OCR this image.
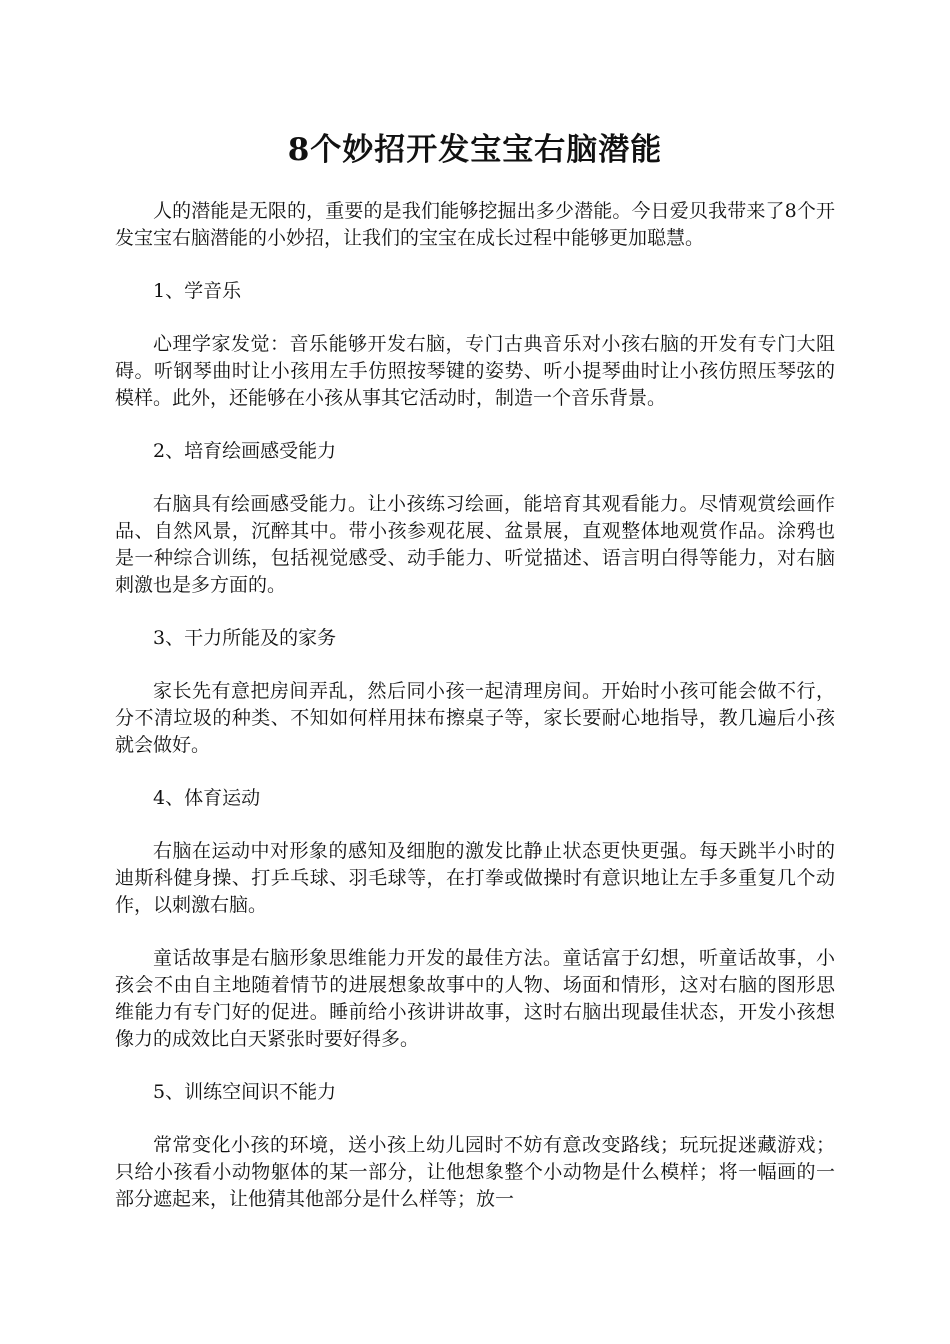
8个妙招开发宝宝右脑潜能

人的潜能是无限的，重要的是我们能够挖掘出多少潜能。今日爱贝我带来了8个开发宝宝右脑潜能的小妙招，让我们的宝宝在成长过程中能够更加聪慧。

1、学音乐

心理学家发觉：音乐能够开发右脑，专门古典音乐对小孩右脑的开发有专门大阻碍。听钢琴曲时让小孩用左手仿照按琴键的姿势、听小提琴曲时让小孩仿照压琴弦的模样。此外，还能够在小孩从事其它活动时，制造一个音乐背景。

2、培育绘画感受能力

右脑具有绘画感受能力。让小孩练习绘画，能培育其观看能力。尽情观赏绘画作品、自然风景，沉醉其中。带小孩参观花展、盆景展，直观整体地观赏作品。涂鸦也是一种综合训练，包括视觉感受、动手能力、听觉描述、语言明白得等能力，对右脑刺激也是多方面的。

3、干力所能及的家务

家长先有意把房间弄乱，然后同小孩一起清理房间。开始时小孩可能会做不行，分不清垃圾的种类、不知如何样用抹布擦桌子等，家长要耐心地指导，教几遍后小孩就会做好。

4、体育运动

右脑在运动中对形象的感知及细胞的激发比静止状态更快更强。每天跳半小时的迪斯科健身操、打乒乓球、羽毛球等，在打拳或做操时有意识地让左手多重复几个动作，以刺激右脑。

童话故事是右脑形象思维能力开发的最佳方法。童话富于幻想，听童话故事，小孩会不由自主地随着情节的进展想象故事中的人物、场面和情形，这对右脑的图形思维能力有专门好的促进。睡前给小孩讲讲故事，这时右脑出现最佳状态，开发小孩想像力的成效比白天紧张时要好得多。

5、训练空间识不能力

常常变化小孩的环境，送小孩上幼儿园时不妨有意改变路线；玩玩捉迷藏游戏；只给小孩看小动物躯体的某一部分，让他想象整个小动物是什么模样；将一幅画的一部分遮起来，让他猜其他部分是什么样等；放一
